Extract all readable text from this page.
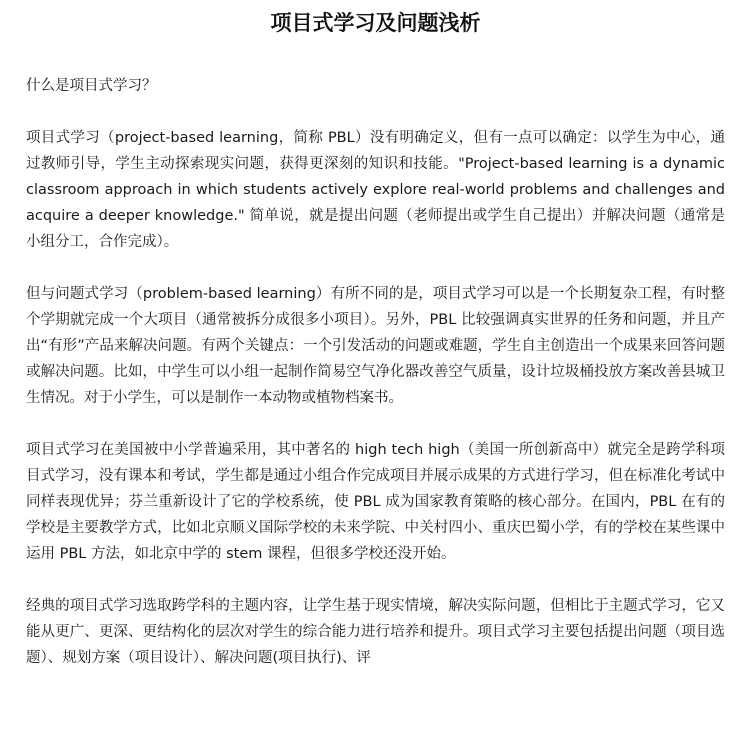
项目式学习及问题浅析

什么是项目式学习？

项目式学习（project-based learning，简称 PBL）没有明确定义，但有一点可以确定：以学生为中心，通过教师引导，学生主动探索现实问题，获得更深刻的知识和技能。"Project-based learning is a dynamic classroom approach in which students actively explore real-world problems and challenges and acquire a deeper knowledge." 简单说，就是提出问题（老师提出或学生自己提出）并解决问题（通常是小组分工，合作完成）。

但与问题式学习（problem-based learning）有所不同的是，项目式学习可以是一个长期复杂工程，有时整个学期就完成一个大项目（通常被拆分成很多小项目）。另外，PBL 比较强调真实世界的任务和问题，并且产出“有形”产品来解决问题。有两个关键点：一个引发活动的问题或难题，学生自主创造出一个成果来回答问题或解决问题。比如，中学生可以小组一起制作简易空气净化器改善空气质量，设计垃圾桶投放方案改善县城卫生情况。对于小学生，可以是制作一本动物或植物档案书。

项目式学习在美国被中小学普遍采用，其中著名的 high tech high（美国一所创新高中）就完全是跨学科项目式学习，没有课本和考试，学生都是通过小组合作完成项目并展示成果的方式进行学习，但在标准化考试中同样表现优异；芬兰重新设计了它的学校系统，使 PBL 成为国家教育策略的核心部分。在国内，PBL 在有的学校是主要教学方式，比如北京顺义国际学校的未来学院、中关村四小、重庆巴蜀小学，有的学校在某些课中运用 PBL 方法，如北京中学的 stem 课程，但很多学校还没开始。

经典的项目式学习选取跨学科的主题内容，让学生基于现实情境，解决实际问题，但相比于主题式学习，它又能从更广、更深、更结构化的层次对学生的综合能力进行培养和提升。项目式学习主要包括提出问题（项目选题）、规划方案（项目设计）、解决问题(项目执行)、评
